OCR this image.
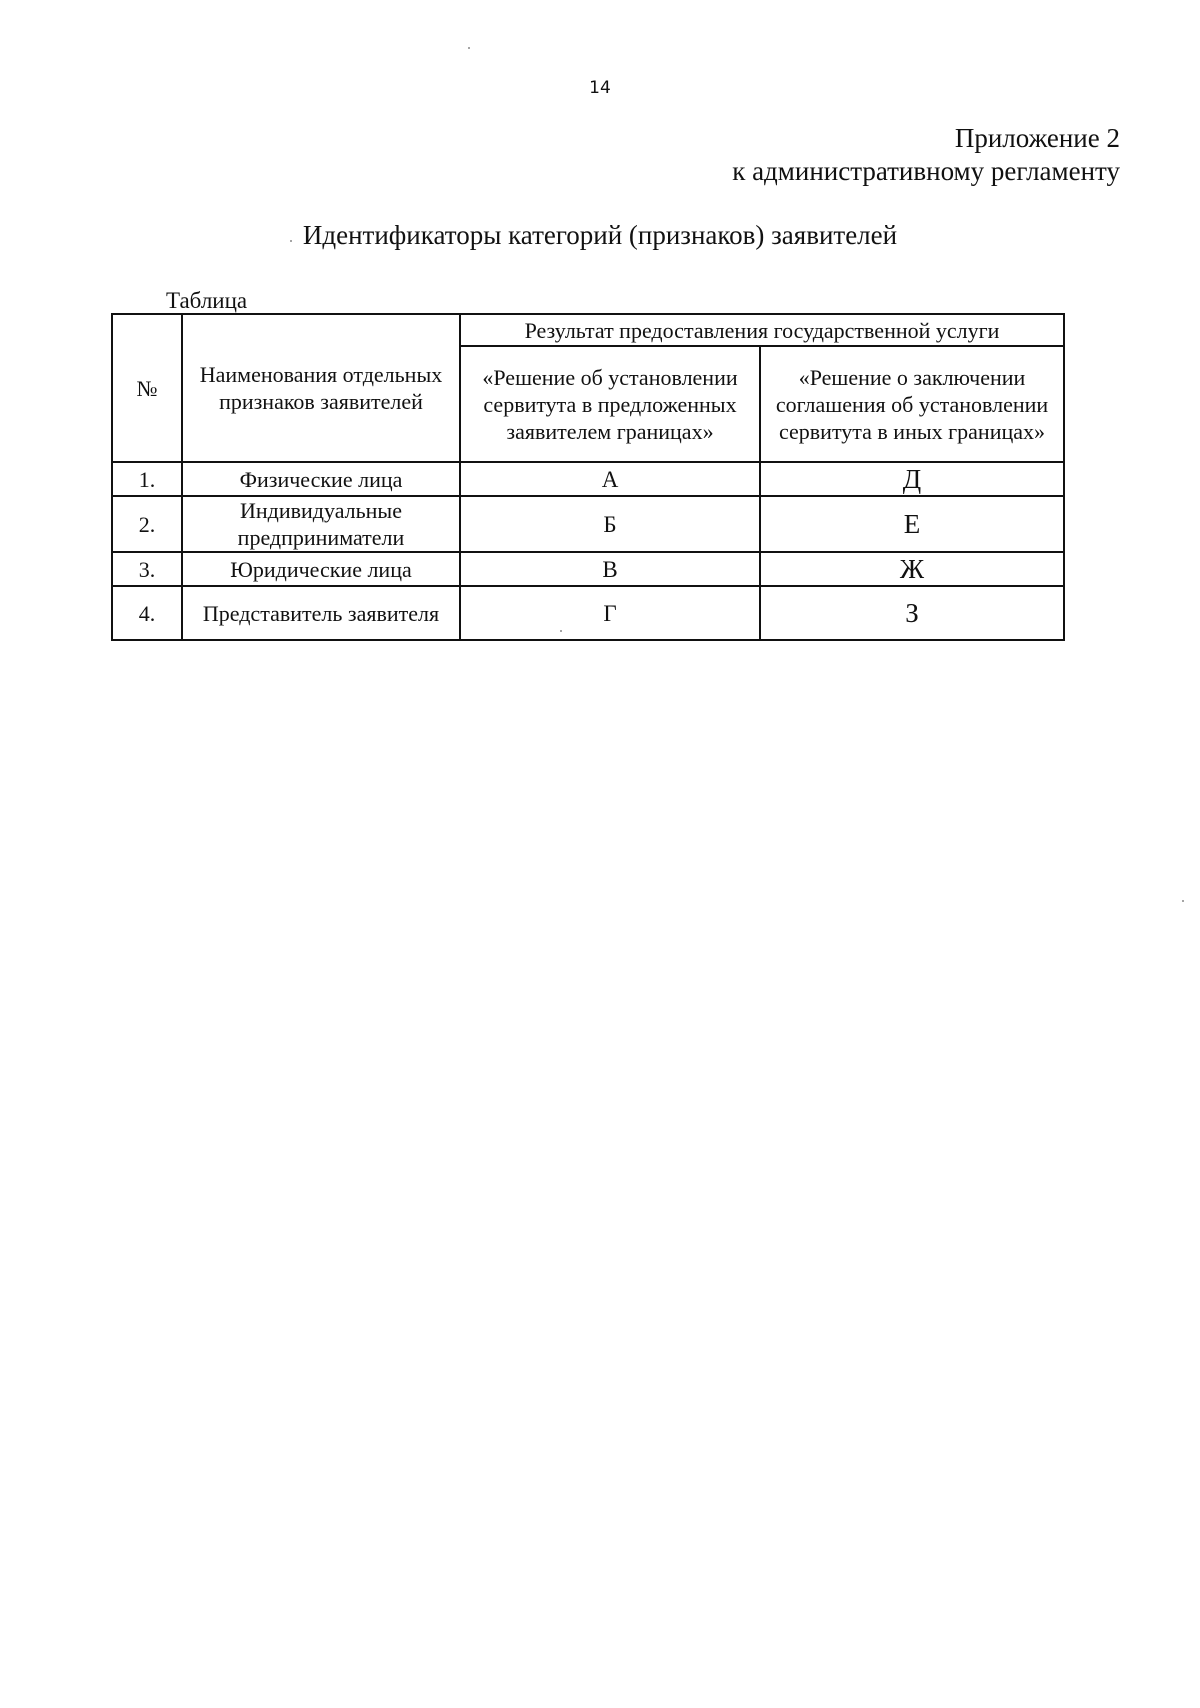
14
Приложение 2
к административному регламенту
Идентификаторы категорий (признаков) заявителей
Таблица
№	Наименования отдельных признаков заявителей	Результат предоставления государственной услуги	
		«Решение об установлении сервитута в предложенных заявителем границах»	«Решение о заключении соглашения об установлении сервитута в иных границах»
1.	Физические лица	А	Д
2.	Индивидуальные предприниматели	Б	Е
3.	Юридические лица	В	Ж
4.	Представитель заявителя	Г	З
